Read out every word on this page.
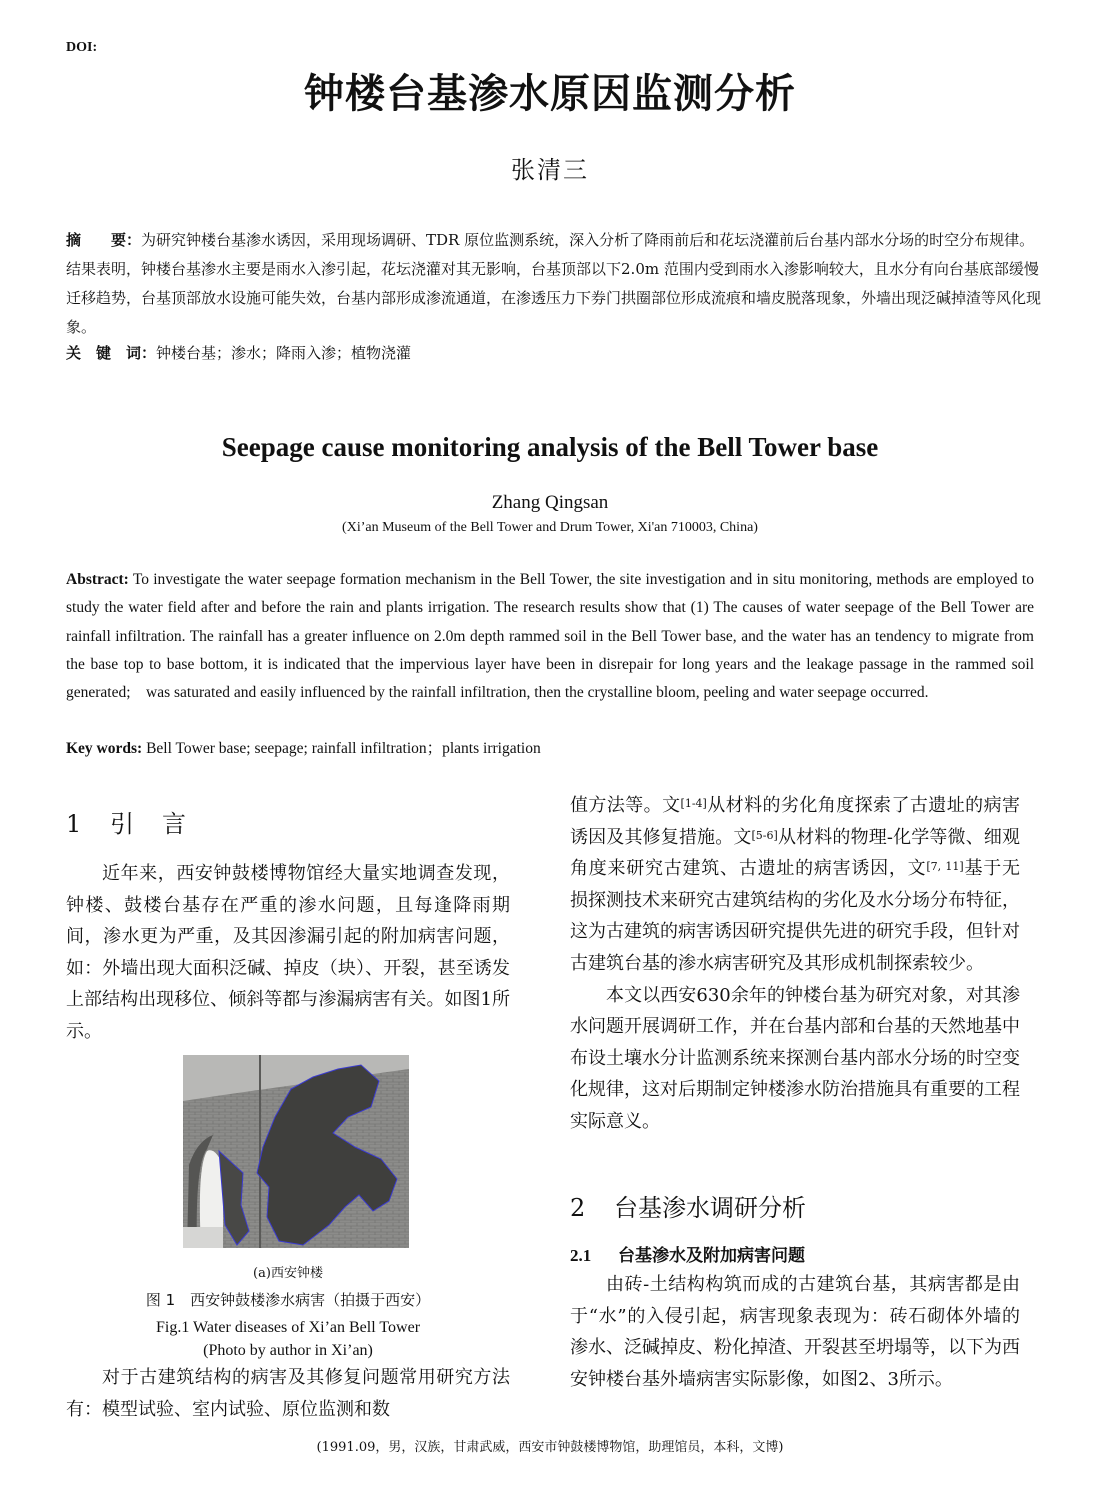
DOI:
钟楼台基渗水原因监测分析
张清三
摘　　要：为研究钟楼台基渗水诱因，采用现场调研、TDR 原位监测系统，深入分析了降雨前后和花坛浇灌前后台基内部水分场的时空分布规律。结果表明，钟楼台基渗水主要是雨水入渗引起，花坛浇灌对其无影响，台基顶部以下2.0m 范围内受到雨水入渗影响较大，且水分有向台基底部缓慢迁移趋势，台基顶部放水设施可能失效，台基内部形成渗流通道，在渗透压力下券门拱圈部位形成流痕和墙皮脱落现象，外墙出现泛碱掉渣等风化现象。
关　键　词：钟楼台基；渗水；降雨入渗；植物浇灌
Seepage cause monitoring analysis of the Bell Tower base
Zhang Qingsan
(Xi’an Museum of the Bell Tower and Drum Tower, Xi'an 710003, China)
Abstract: To investigate the water seepage formation mechanism in the Bell Tower, the site investigation and in situ monitoring, methods are employed to study the water field after and before the rain and plants irrigation. The research results show that (1) The causes of water seepage of the Bell Tower are rainfall infiltration. The rainfall has a greater influence on 2.0m depth rammed soil in the Bell Tower base, and the water has an tendency to migrate from the base top to base bottom, it is indicated that the impervious layer have been in disrepair for long years and the leakage passage in the rammed soil generated;　was saturated and easily influenced by the rainfall infiltration, then the crystalline bloom, peeling and water seepage occurred.
Key words: Bell Tower base; seepage; rainfall infiltration；plants irrigation
1 引言

近年来，西安钟鼓楼博物馆经大量实地调查发现，钟楼、鼓楼台基存在严重的渗水问题，且每逢降雨期间，渗水更为严重，及其因渗漏引起的附加病害问题，如：外墙出现大面积泛碱、掉皮（块）、开裂，甚至诱发上部结构出现移位、倾斜等都与渗漏病害有关。如图1所示。

(a)西安钟楼
图 1　西安钟鼓楼渗水病害（拍摄于西安）
Fig.1 Water diseases of Xi’an Bell Tower
(Photo by author in Xi’an)

对于古建筑结构的病害及其修复问题常用研究方法有：模型试验、室内试验、原位监测和数

值方法等。文[1-4]从材料的劣化角度探索了古遗址的病害诱因及其修复措施。文[5-6]从材料的物理-化学等微、细观角度来研究古建筑、古遗址的病害诱因，文[7, 11]基于无损探测技术来研究古建筑结构的劣化及水分场分布特征，这为古建筑的病害诱因研究提供先进的研究手段，但针对古建筑台基的渗水病害研究及其形成机制探索较少。

本文以西安630余年的钟楼台基为研究对象，对其渗水问题开展调研工作，并在台基内部和台基的天然地基中布设土壤水分计监测系统来探测台基内部水分场的时空变化规律，这对后期制定钟楼渗水防治措施具有重要的工程实际意义。

2 台基渗水调研分析
2.1 台基渗水及附加病害问题

由砖-土结构构筑而成的古建筑台基，其病害都是由于“水”的入侵引起，病害现象表现为：砖石砌体外墙的渗水、泛碱掉皮、粉化掉渣、开裂甚至坍塌等，以下为西安钟楼台基外墙病害实际影像，如图2、3所示。

(1991.09，男，汉族，甘肃武威，西安市钟鼓楼博物馆，助理馆员，本科，文博)
